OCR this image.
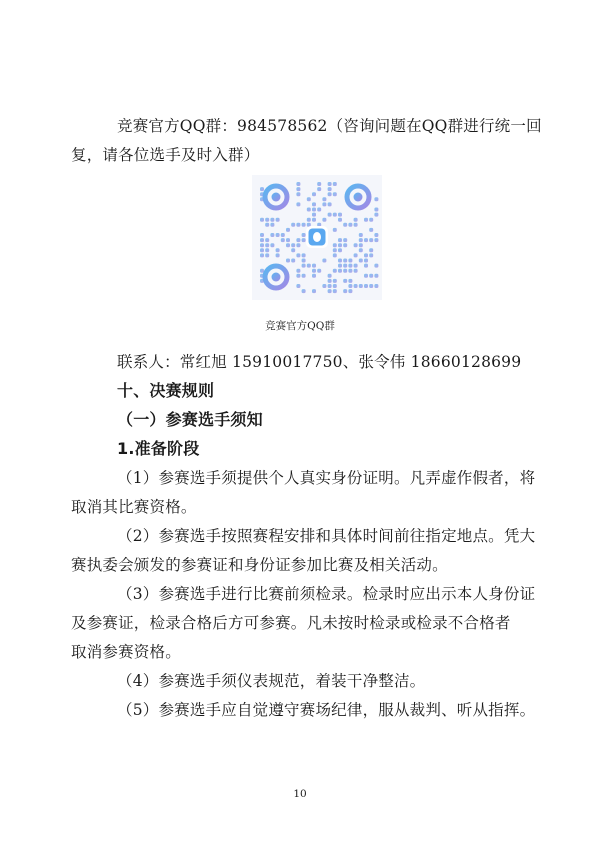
竞赛官方QQ群：984578562（咨询问题在QQ群进行统一回
复，请各位选手及时入群）
竞赛官方QQ群
联系人：常红旭 15910017750、张令伟 18660128699
十、决赛规则
（一）参赛选手须知
1.准备阶段
（1）参赛选手须提供个人真实身份证明。凡弄虚作假者，将
取消其比赛资格。
（2）参赛选手按照赛程安排和具体时间前往指定地点。凭大
赛执委会颁发的参赛证和身份证参加比赛及相关活动。
（3）参赛选手进行比赛前须检录。检录时应出示本人身份证
及参赛证，检录合格后方可参赛。凡未按时检录或检录不合格者
取消参赛资格。
（4）参赛选手须仪表规范，着装干净整洁。
（5）参赛选手应自觉遵守赛场纪律，服从裁判、听从指挥。
10
